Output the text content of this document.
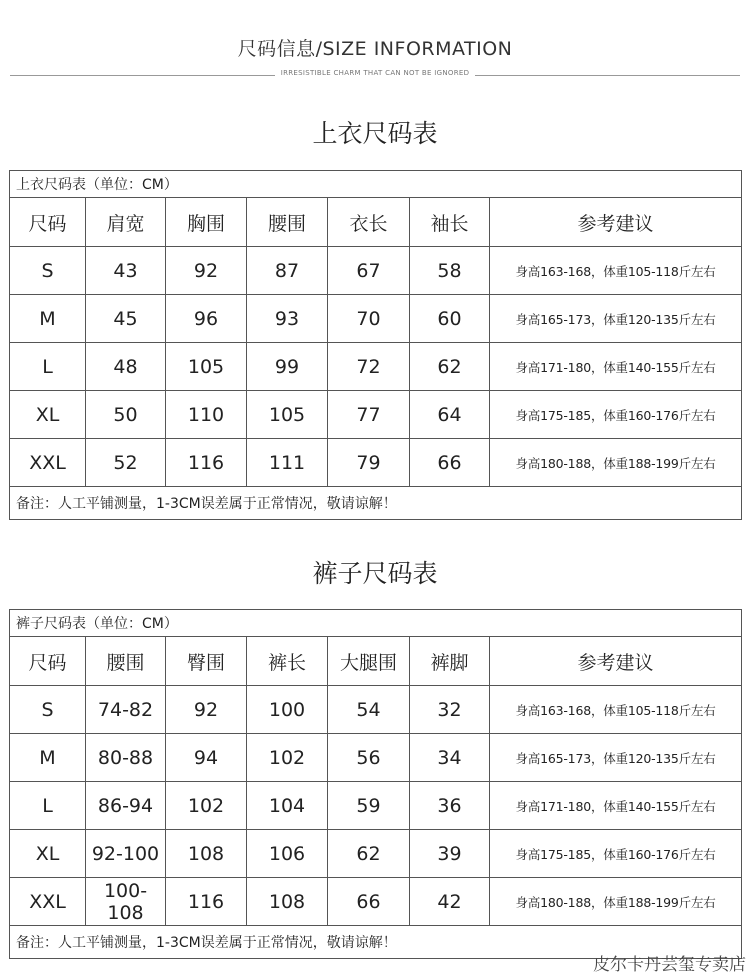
尺码信息/SIZE INFORMATION
IRRESISTIBLE CHARM THAT CAN NOT BE IGNORED
上衣尺码表
上衣尺码表（单位：CM）						
尺码	肩宽	胸围	腰围	衣长	袖长	参考建议
S	43	92	87	67	58	身高163-168，体重105-118斤左右
M	45	96	93	70	60	身高165-173，体重120-135斤左右
L	48	105	99	72	62	身高171-180，体重140-155斤左右
XL	50	110	105	77	64	身高175-185，体重160-176斤左右
XXL	52	116	111	79	66	身高180-188，体重188-199斤左右
备注：人工平铺测量，1-3CM误差属于正常情况，敬请谅解！						
裤子尺码表
裤子尺码表（单位：CM）						
尺码	腰围	臀围	裤长	大腿围	裤脚	参考建议
S	74-82	92	100	54	32	身高163-168，体重105-118斤左右
M	80-88	94	102	56	34	身高165-173，体重120-135斤左右
L	86-94	102	104	59	36	身高171-180，体重140-155斤左右
XL	92-100	108	106	62	39	身高175-185，体重160-176斤左右
XXL	100-108	116	108	66	42	身高180-188，体重188-199斤左右
备注：人工平铺测量，1-3CM误差属于正常情况，敬请谅解！						
皮尔卡丹芸玺专卖店
